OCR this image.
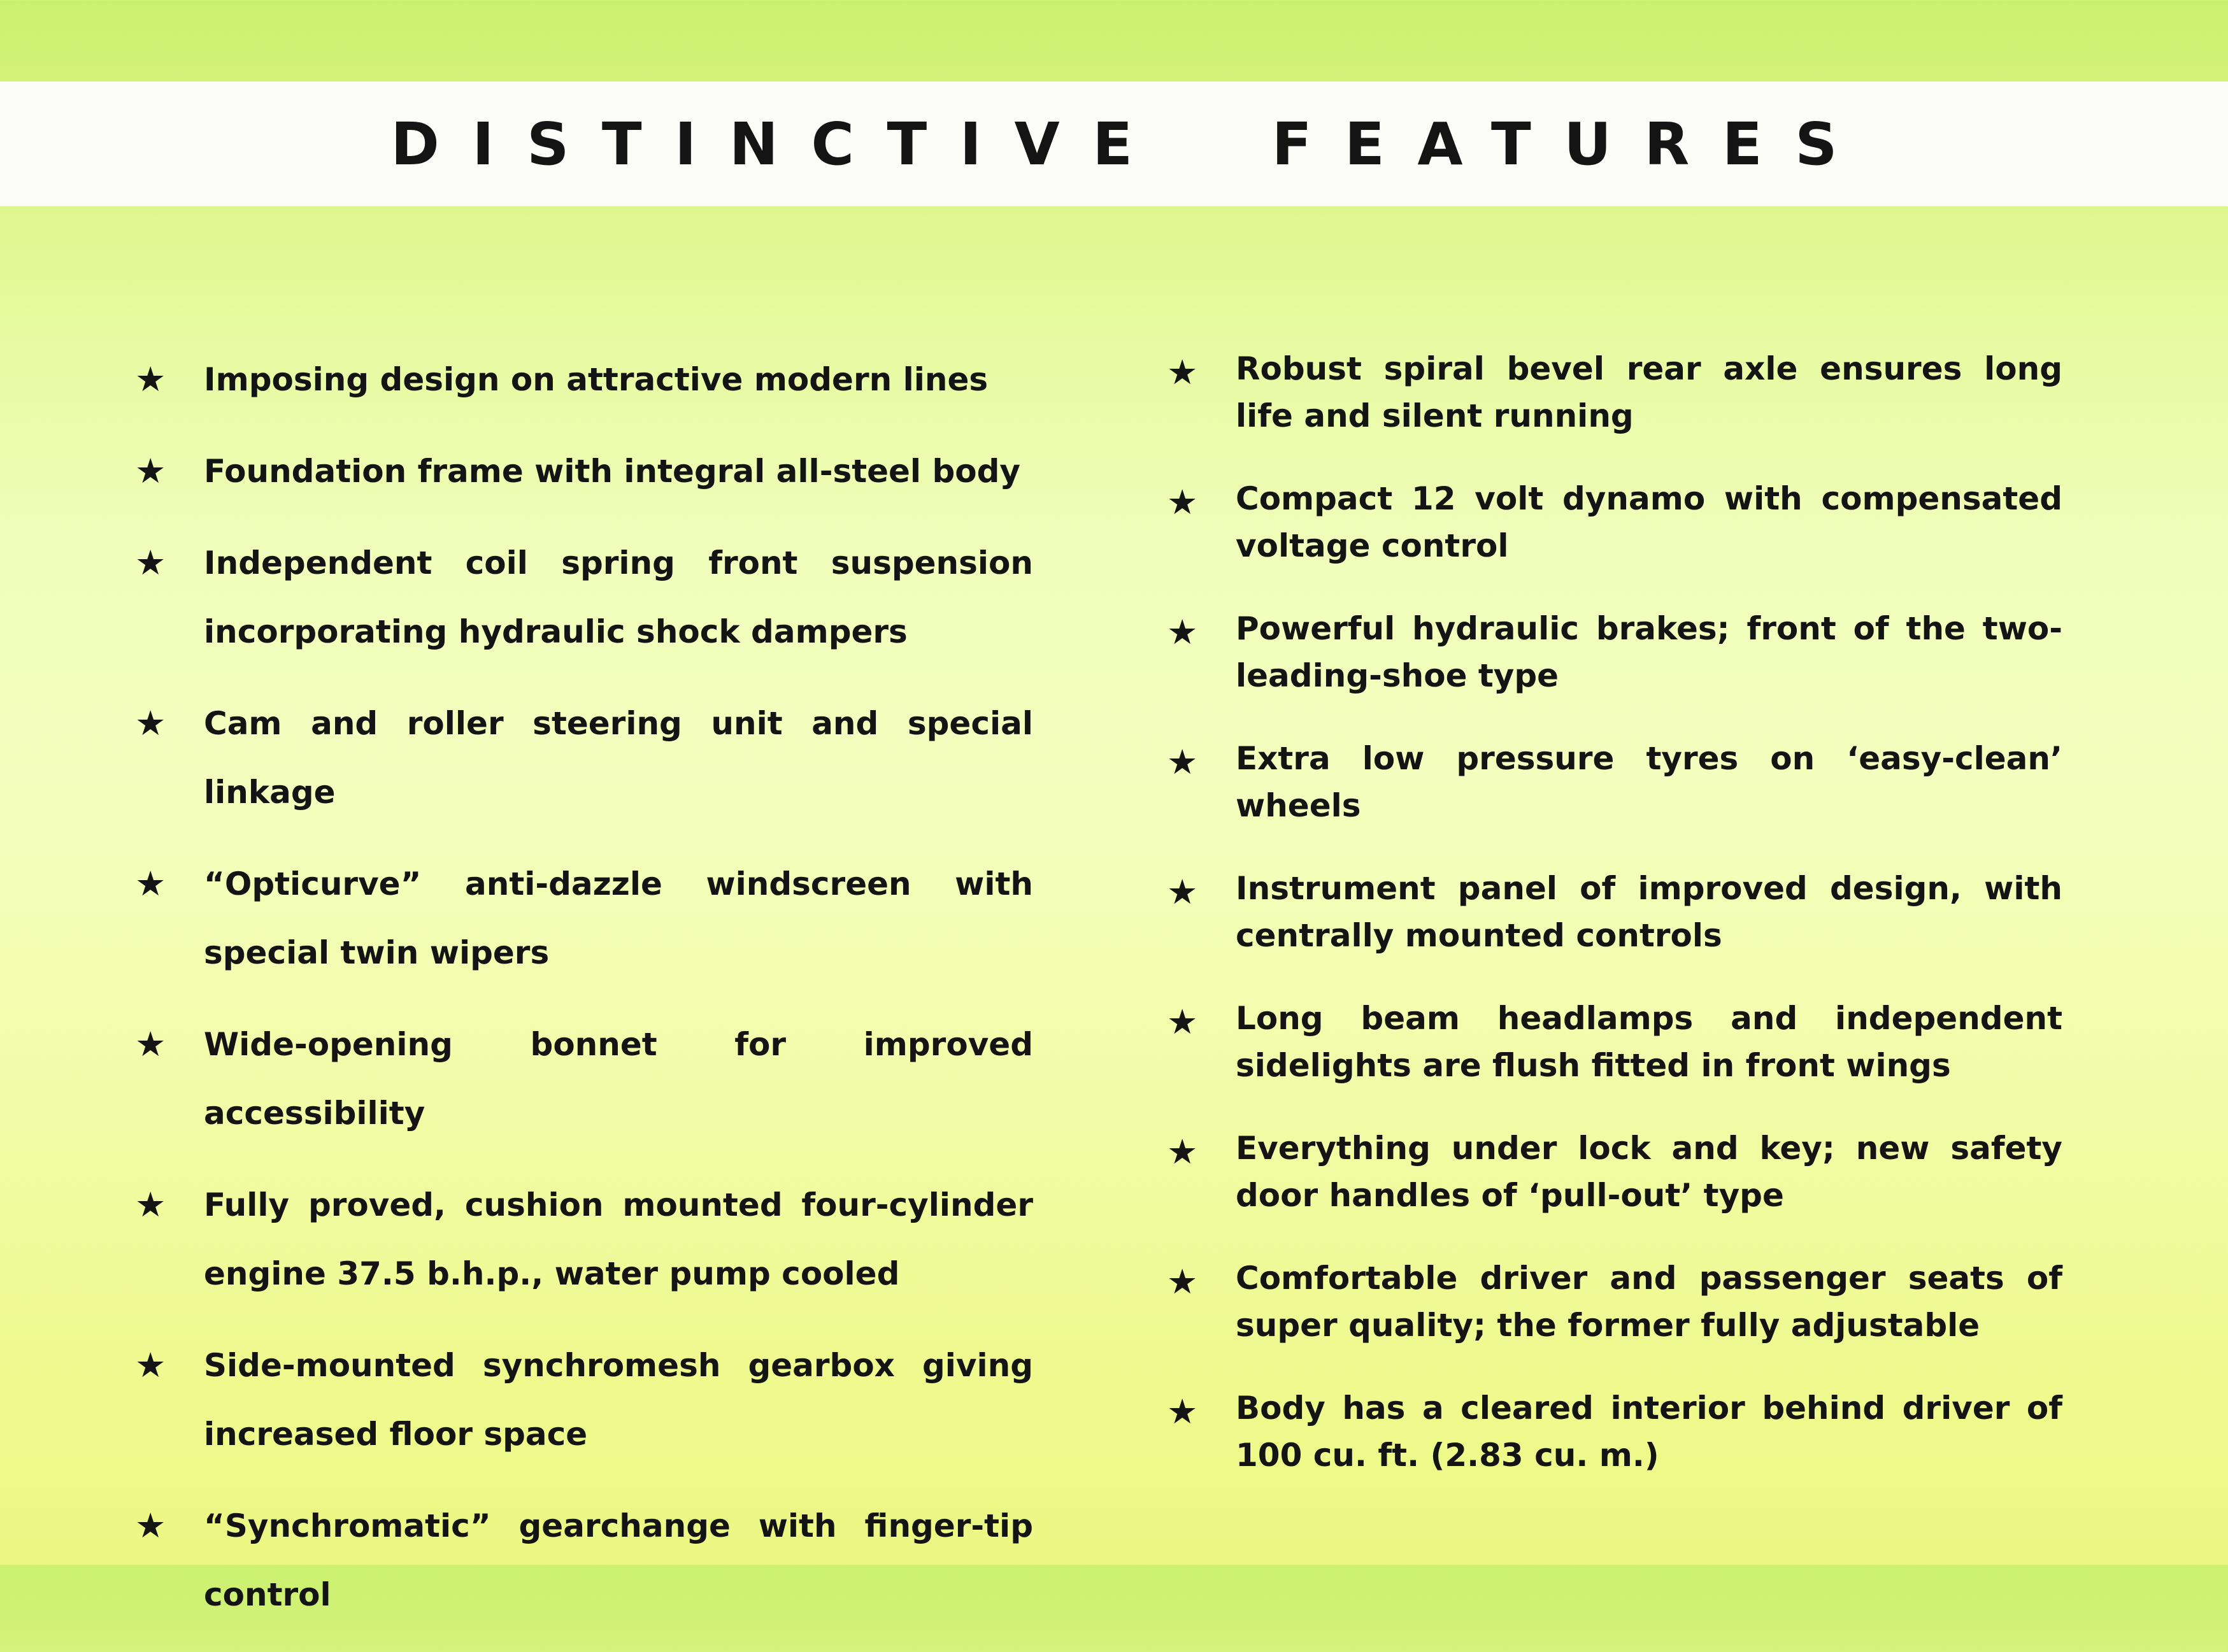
DISTINCTIVE  FEATURES
★ Imposing design on attractive modern lines
★ Foundation frame with integral all-steel body
★ Independent coil spring front suspension incorporating hydraulic shock dampers
★ Cam and roller steering unit and special linkage
★ “Opticurve” anti-dazzle windscreen with special twin wipers
★ Wide-opening bonnet for improved accessibility
★ Fully proved, cushion mounted four-cylinder engine 37.5 b.h.p., water pump cooled
★ Side-mounted synchromesh gearbox giving increased floor space
★ “Synchromatic” gearchange with finger-tip control
★ Robust spiral bevel rear axle ensures long life and silent running
★ Compact 12 volt dynamo with compensated voltage control
★ Powerful hydraulic brakes; front of the two-leading-shoe type
★ Extra low pressure tyres on ‘easy-clean’ wheels
★ Instrument panel of improved design, with centrally mounted controls
★ Long beam headlamps and independent sidelights are flush fitted in front wings
★ Everything under lock and key; new safety door handles of ‘pull-out’ type
★ Comfortable driver and passenger seats of super quality; the former fully adjustable
★ Body has a cleared interior behind driver of 100 cu. ft. (2.83 cu. m.)
